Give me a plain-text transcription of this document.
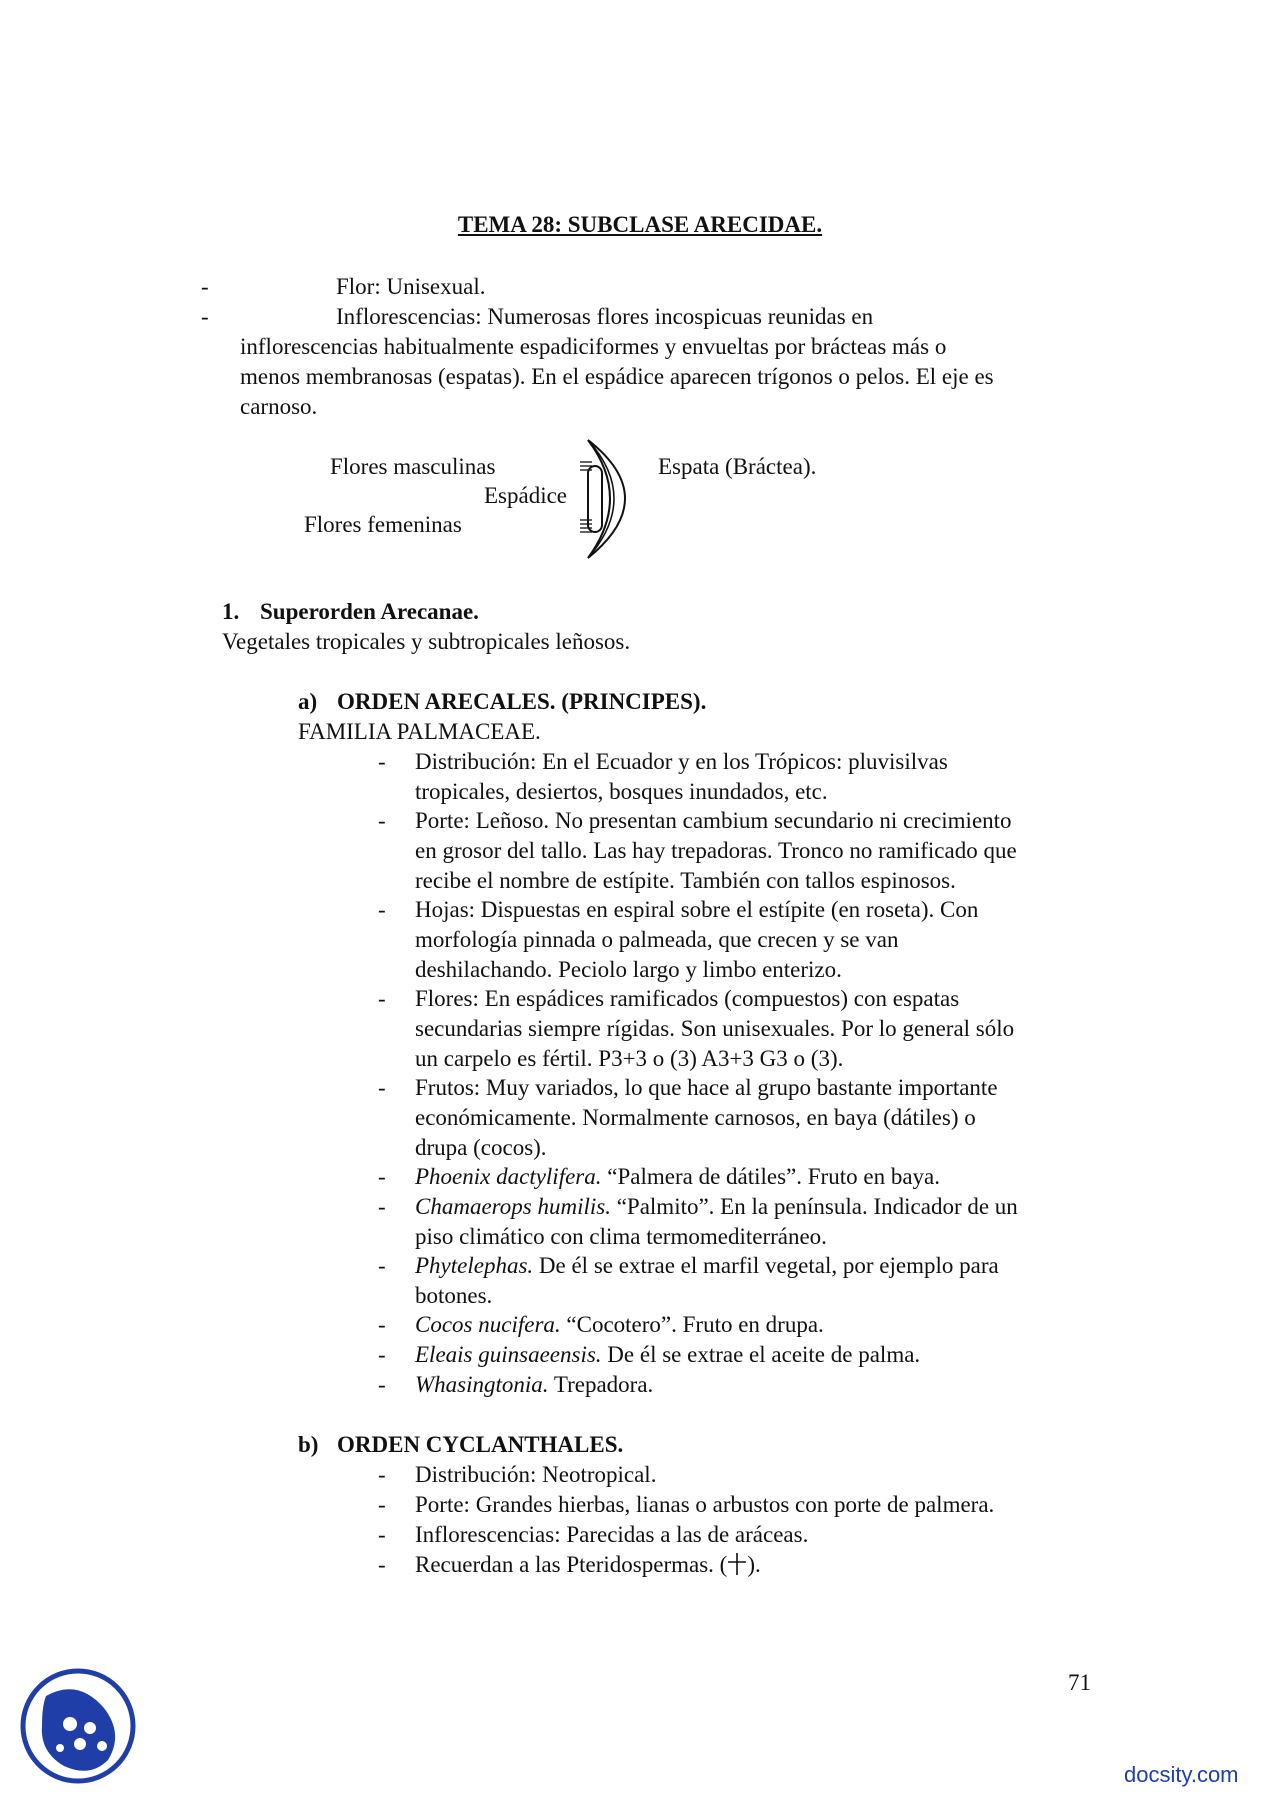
TEMA 28: SUBCLASE ARECIDAE.
-	Flor: Unisexual.
-	Inflorescencias: Numerosas flores incospicuas reunidas en
inflorescencias habitualmente espadiciformes y envueltas por brácteas más o
menos membranosas (espatas). En el espádice aparecen trígonos o pelos. El eje es
carnoso.
Flores masculinas
Espádice
Flores femeninas
Espata (Bráctea).
1. Superorden Arecanae.
Vegetales tropicales y subtropicales leñosos.
a) ORDEN ARECALES. (PRINCIPES).
FAMILIA PALMACEAE.
- Distribución: En el Ecuador y en los Trópicos: pluvisilvas
tropicales, desiertos, bosques inundados, etc.
- Porte: Leñoso. No presentan cambium secundario ni crecimiento
en grosor del tallo. Las hay trepadoras. Tronco no ramificado que
recibe el nombre de estípite. También con tallos espinosos.
- Hojas: Dispuestas en espiral sobre el estípite (en roseta). Con
morfología pinnada o palmeada, que crecen y se van
deshilachando. Peciolo largo y limbo enterizo.
- Flores: En espádices ramificados (compuestos) con espatas
secundarias siempre rígidas. Son unisexuales. Por lo general sólo
un carpelo es fértil. P3+3 o (3) A3+3 G3 o (3).
- Frutos: Muy variados, lo que hace al grupo bastante importante
económicamente. Normalmente carnosos, en baya (dátiles) o
drupa (cocos).
- Phoenix dactylifera. “Palmera de dátiles”. Fruto en baya.
- Chamaerops humilis. “Palmito”. En la península. Indicador de un
piso climático con clima termomediterráneo.
- Phytelephas. De él se extrae el marfil vegetal, por ejemplo para
botones.
- Cocos nucifera. “Cocotero”. Fruto en drupa.
- Eleais guinsaeensis. De él se extrae el aceite de palma.
- Whasingtonia. Trepadora.
b) ORDEN CYCLANTHALES.
- Distribución: Neotropical.
- Porte: Grandes hierbas, lianas o arbustos con porte de palmera.
- Inflorescencias: Parecidas a las de aráceas.
- Recuerdan a las Pteridospermas. ( ).
71
docsity.com
